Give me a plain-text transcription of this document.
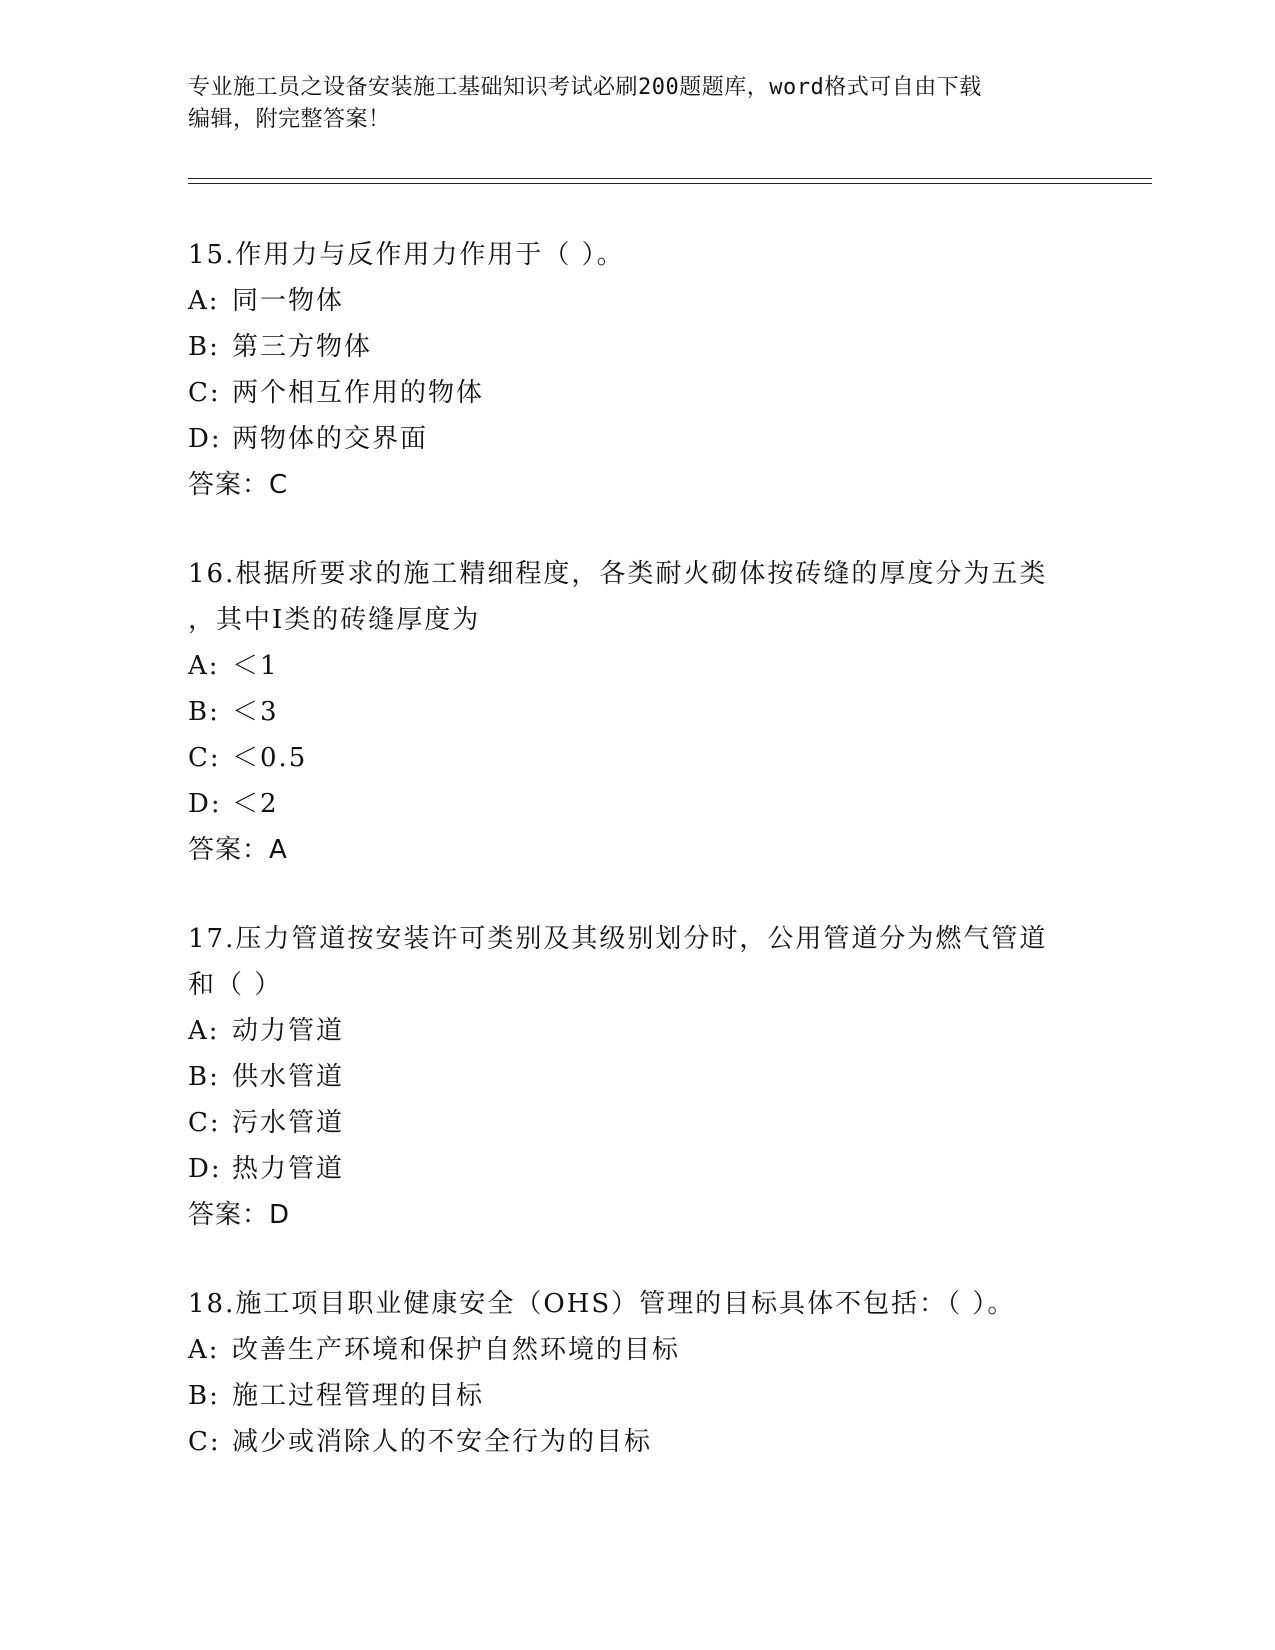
专业施工员之设备安装施工基础知识考试必刷200题题库，word格式可自由下载
编辑，附完整答案！
15.作用力与反作用力作用于（ ）。
A: 同一物体
B: 第三方物体
C: 两个相互作用的物体
D: 两物体的交界面
答案：C
16.根据所要求的施工精细程度，各类耐火砌体按砖缝的厚度分为五类
，其中Ⅰ类的砖缝厚度为
A: ＜1
B: ＜3
C: ＜0.5
D: ＜2
答案：A
17.压力管道按安装许可类别及其级别划分时，公用管道分为燃气管道
和（ ）
A: 动力管道
B: 供水管道
C: 污水管道
D: 热力管道
答案：D
18.施工项目职业健康安全（OHS）管理的目标具体不包括：（ ）。
A: 改善生产环境和保护自然环境的目标
B: 施工过程管理的目标
C: 减少或消除人的不安全行为的目标
